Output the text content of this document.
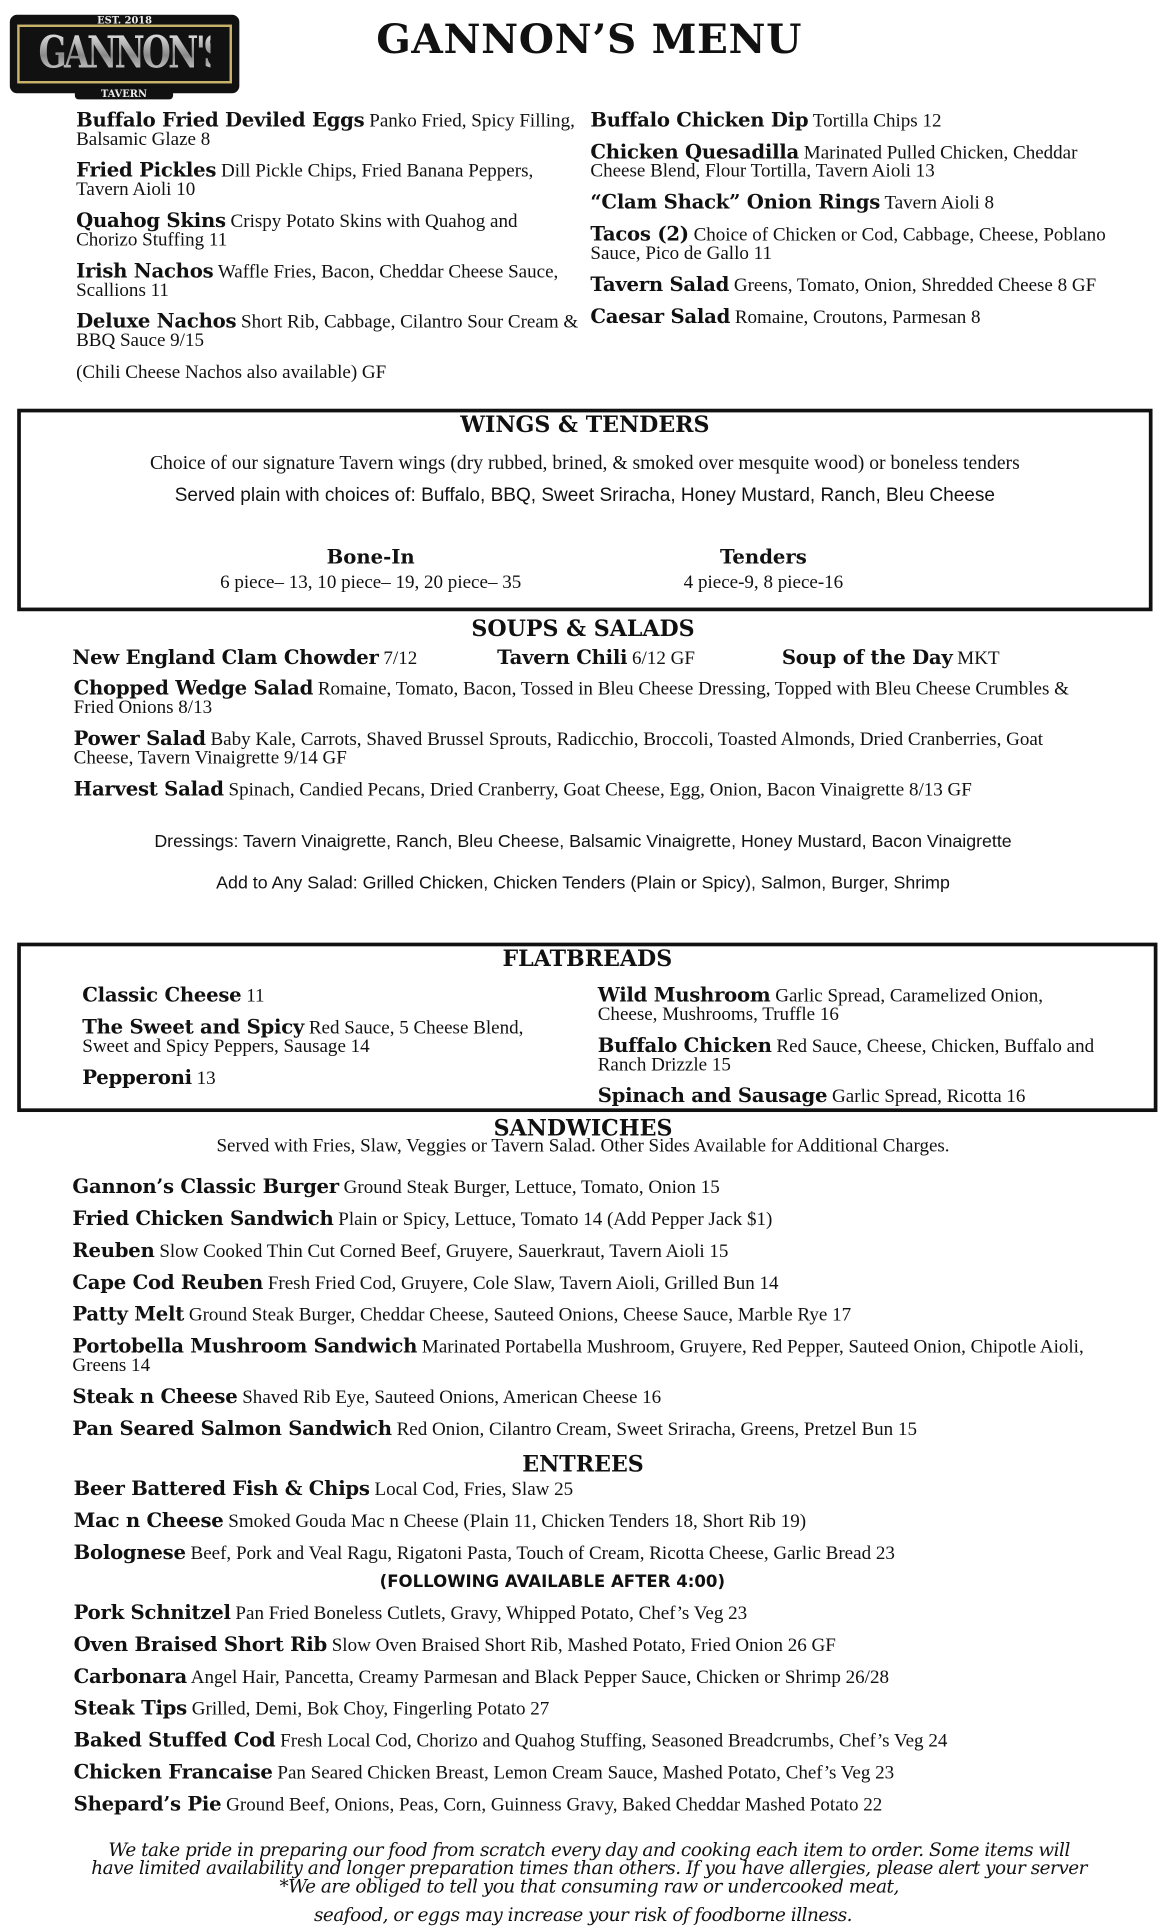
EST. 2018
GANNON'S
TAVERN
GANNON’S MENU
Buffalo Fried Deviled Eggs Panko Fried, Spicy Filling, Balsamic Glaze 8
Fried Pickles Dill Pickle Chips, Fried Banana Peppers, Tavern Aioli 10
Quahog Skins Crispy Potato Skins with Quahog and Chorizo Stuffing 11
Irish Nachos Waffle Fries, Bacon, Cheddar Cheese Sauce, Scallions 11
Deluxe Nachos Short Rib, Cabbage, Cilantro Sour Cream & BBQ Sauce 9/15
(Chili Cheese Nachos also available) GF
Buffalo Chicken Dip Tortilla Chips 12
Chicken Quesadilla Marinated Pulled Chicken, Cheddar Cheese Blend, Flour Tortilla, Tavern Aioli 13
“Clam Shack” Onion Rings Tavern Aioli 8
Tacos (2) Choice of Chicken or Cod, Cabbage, Cheese, Poblano Sauce, Pico de Gallo 11
Tavern Salad Greens, Tomato, Onion, Shredded Cheese 8 GF
Caesar Salad Romaine, Croutons, Parmesan 8
WINGS & TENDERS
Choice of our signature Tavern wings (dry rubbed, brined, & smoked over mesquite wood) or boneless tenders
Served plain with choices of: Buffalo, BBQ, Sweet Sriracha, Honey Mustard, Ranch, Bleu Cheese
Bone-In
6 piece– 13, 10 piece– 19, 20 piece– 35
Tenders
4 piece-9, 8 piece-16
SOUPS & SALADS
New England Clam Chowder 7/12	Tavern Chili 6/12 GF	Soup of the Day MKT
Chopped Wedge Salad Romaine, Tomato, Bacon, Tossed in Bleu Cheese Dressing, Topped with Bleu Cheese Crumbles & Fried Onions 8/13
Power Salad Baby Kale, Carrots, Shaved Brussel Sprouts, Radicchio, Broccoli, Toasted Almonds, Dried Cranberries, Goat Cheese, Tavern Vinaigrette 9/14 GF
Harvest Salad Spinach, Candied Pecans, Dried Cranberry, Goat Cheese, Egg, Onion, Bacon Vinaigrette 8/13 GF
Dressings: Tavern Vinaigrette, Ranch, Bleu Cheese, Balsamic Vinaigrette, Honey Mustard, Bacon Vinaigrette
Add to Any Salad: Grilled Chicken, Chicken Tenders (Plain or Spicy), Salmon, Burger, Shrimp
FLATBREADS
Classic Cheese 11
The Sweet and Spicy Red Sauce, 5 Cheese Blend, Sweet and Spicy Peppers, Sausage 14
Pepperoni 13
Wild Mushroom Garlic Spread, Caramelized Onion, Cheese, Mushrooms, Truffle 16
Buffalo Chicken Red Sauce, Cheese, Chicken, Buffalo and Ranch Drizzle 15
Spinach and Sausage Garlic Spread, Ricotta 16
SANDWICHES
Served with Fries, Slaw, Veggies or Tavern Salad. Other Sides Available for Additional Charges.
Gannon’s Classic Burger Ground Steak Burger, Lettuce, Tomato, Onion 15
Fried Chicken Sandwich Plain or Spicy, Lettuce, Tomato 14 (Add Pepper Jack $1)
Reuben Slow Cooked Thin Cut Corned Beef, Gruyere, Sauerkraut, Tavern Aioli 15
Cape Cod Reuben Fresh Fried Cod, Gruyere, Cole Slaw, Tavern Aioli, Grilled Bun 14
Patty Melt Ground Steak Burger, Cheddar Cheese, Sauteed Onions, Cheese Sauce, Marble Rye 17
Portobella Mushroom Sandwich Marinated Portabella Mushroom, Gruyere, Red Pepper, Sauteed Onion, Chipotle Aioli, Greens 14
Steak n Cheese Shaved Rib Eye, Sauteed Onions, American Cheese 16
Pan Seared Salmon Sandwich Red Onion, Cilantro Cream, Sweet Sriracha, Greens, Pretzel Bun 15
ENTREES
Beer Battered Fish & Chips Local Cod, Fries, Slaw 25
Mac n Cheese Smoked Gouda Mac n Cheese (Plain 11, Chicken Tenders 18, Short Rib 19)
Bolognese Beef, Pork and Veal Ragu, Rigatoni Pasta, Touch of Cream, Ricotta Cheese, Garlic Bread 23
(FOLLOWING AVAILABLE AFTER 4:00)
Pork Schnitzel Pan Fried Boneless Cutlets, Gravy, Whipped Potato, Chef’s Veg 23
Oven Braised Short Rib Slow Oven Braised Short Rib, Mashed Potato, Fried Onion 26 GF
Carbonara Angel Hair, Pancetta, Creamy Parmesan and Black Pepper Sauce, Chicken or Shrimp 26/28
Steak Tips Grilled, Demi, Bok Choy, Fingerling Potato 27
Baked Stuffed Cod Fresh Local Cod, Chorizo and Quahog Stuffing, Seasoned Breadcrumbs, Chef’s Veg 24
Chicken Francaise Pan Seared Chicken Breast, Lemon Cream Sauce, Mashed Potato, Chef’s Veg 23
Shepard’s Pie Ground Beef, Onions, Peas, Corn, Guinness Gravy, Baked Cheddar Mashed Potato 22
We take pride in preparing our food from scratch every day and cooking each item to order. Some items will have limited availability and longer preparation times than others. If you have allergies, please alert your server *We are obliged to tell you that consuming raw or undercooked meat,
seafood, or eggs may increase your risk of foodborne illness.
